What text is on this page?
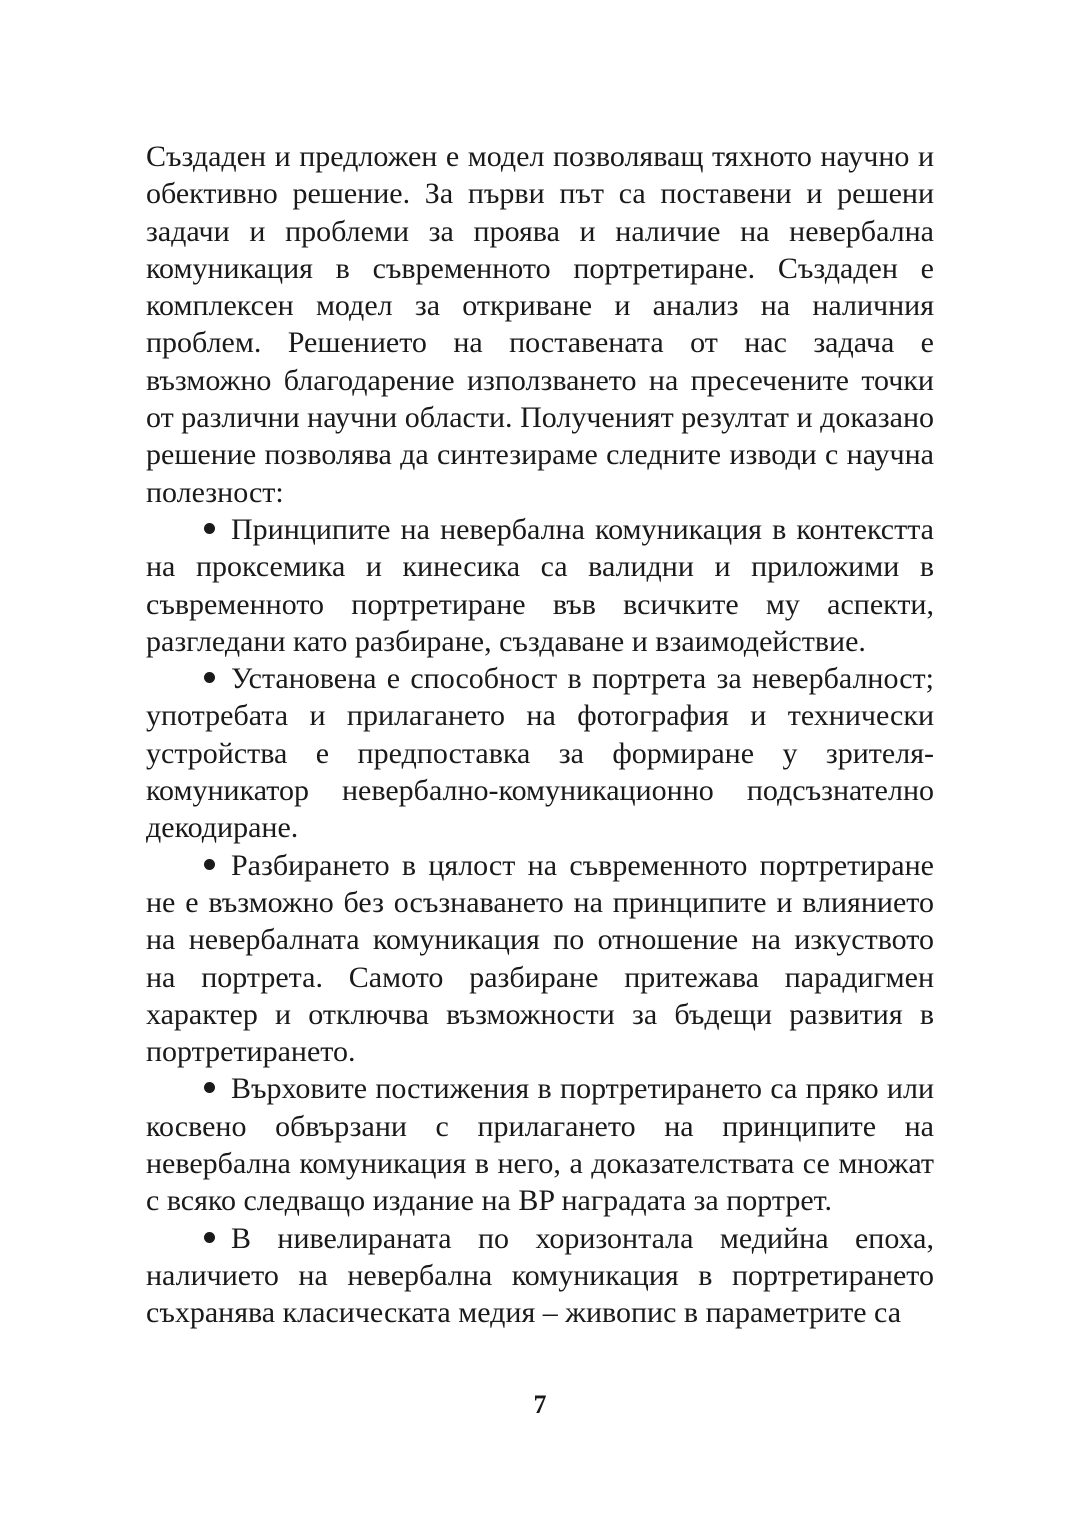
Създаден и предложен е модел позволяващ тяхното научно и обективно решение. За първи път са поставени и решени задачи и проблеми за проява и наличие на невербална комуникация в съвременното портретиране. Създаден е комплексен модел за откриване и анализ на наличния проблем. Решението на поставената от нас задача е възможно благодарение използването на пресечените точки от различни научни области. Полученият резултат и доказано решение позволява да синтезираме следните изводи с научна полезност:

Принципите на невербална комуникация в контекстта на проксемика и кинесика са валидни и приложими в съвременното портретиране във всичките му аспекти, разгледани като разбиране, създаване и взаимодействие.

Установена е способност в портрета за невербалност; употребата и прилагането на фотография и технически устройства е предпоставка за формиране у зрителя-комуникатор невербално-комуникационно подсъзнателно декодиране.

Разбирането в цялост на съвременното портретиране не е възможно без осъзнаването на принципите и влиянието на невербалната комуникация по отношение на изкуството на портрета. Самото разбиране притежава парадигмен характер и отключва възможности за бъдещи развития в портретирането.

Върховите постижения в портретирането са пряко или косвено обвързани с прилагането на принципите на невербална комуникация в него, а доказателствата се множат с всяко следващо издание на BP наградата за портрет.

В нивелираната по хоризонтала медийна епоха, наличието на невербална комуникация в портретирането съхранява класическата медия – живопис в параметрите са

7
